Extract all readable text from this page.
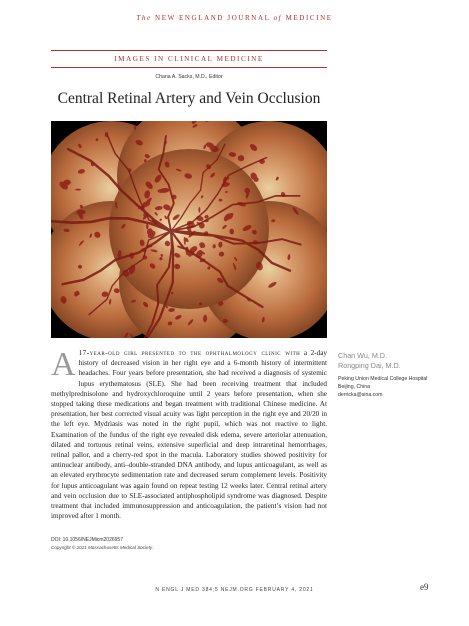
The NEW ENGLAND JOURNAL of MEDICINE
IMAGES IN CLINICAL MEDICINE
Chana A. Sacks, M.D., Editor
Central Retinal Artery and Vein Occlusion
A 17-year-old girl presented to the ophthalmology clinic with a 2-day history of decreased vision in her right eye and a 6-month history of intermittent headaches. Four years before presentation, she had received a diagnosis of systemic lupus erythematosus (SLE). She had been receiving treatment that included methylprednisolone and hydroxychloroquine until 2 years before presentation, when she stopped taking these medications and began treatment with traditional Chinese medicine. At presentation, her best corrected visual acuity was light perception in the right eye and 20/20 in the left eye. Mydriasis was noted in the right pupil, which was not reactive to light. Examination of the fundus of the right eye revealed disk edema, severe arteriolar attenuation, dilated and tortuous retinal veins, extensive superficial and deep intraretinal hemorrhages, retinal pallor, and a cherry-red spot in the macula. Laboratory studies showed positivity for antinuclear antibody, anti–double-stranded DNA antibody, and lupus anticoagulant, as well as an elevated erythrocyte sedimentation rate and decreased serum complement levels. Positivity for lupus anticoagulant was again found on repeat testing 12 weeks later. Central retinal artery and vein occlusion due to SLE-associated antiphospholipid syndrome was diagnosed. Despite treatment that included immunosuppression and anticoagulation, the patient’s vision had not improved after 1 month.
DOI: 10.1056/NEJMicm2026957
Copyright © 2021 Massachusetts Medical Society.
Chan Wu, M.D.
Rongping Dai, M.D.
Peking Union Medical College Hospital
Beijing, China
derricka@sina.com
N ENGL J MED 384;5 NEJM.ORG FEBRUARY 4, 2021	e9
